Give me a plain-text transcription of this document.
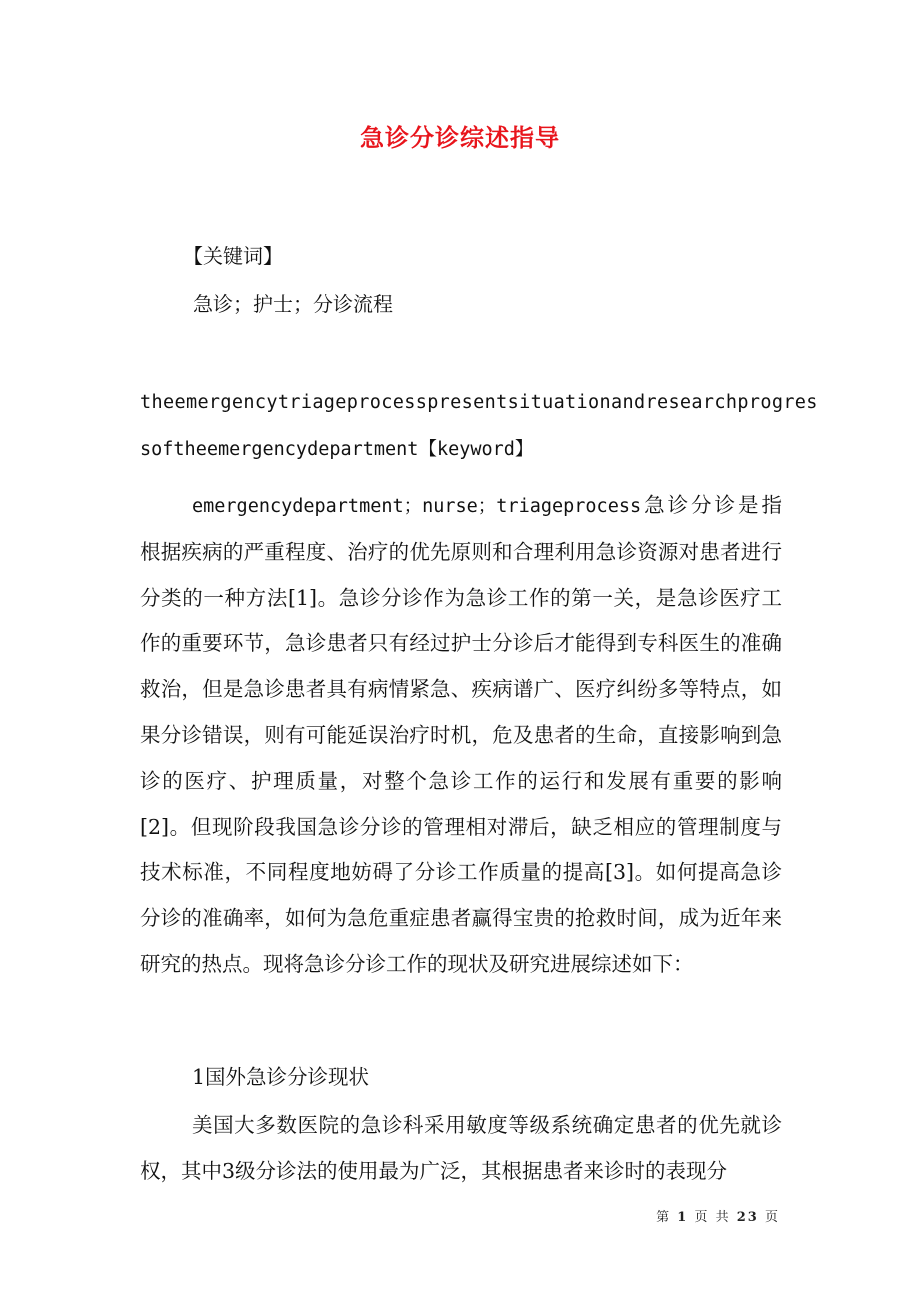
急诊分诊综述指导

【关键词】

急诊；护士；分诊流程

theemergencytriageprocesspresentsituationandresearchprogres

softheemergencydepartment【keyword】

emergencydepartment；nurse；triageprocess急诊分诊是指根据疾病的严重程度、治疗的优先原则和合理利用急诊资源对患者进行分类的一种方法[1]。急诊分诊作为急诊工作的第一关，是急诊医疗工作的重要环节，急诊患者只有经过护士分诊后才能得到专科医生的准确救治，但是急诊患者具有病情紧急、疾病谱广、医疗纠纷多等特点，如果分诊错误，则有可能延误治疗时机，危及患者的生命，直接影响到急诊的医疗、护理质量，对整个急诊工作的运行和发展有重要的影响[2]。但现阶段我国急诊分诊的管理相对滞后，缺乏相应的管理制度与技术标准，不同程度地妨碍了分诊工作质量的提高[3]。如何提高急诊分诊的准确率，如何为急危重症患者赢得宝贵的抢救时间，成为近年来研究的热点。现将急诊分诊工作的现状及研究进展综述如下：

1国外急诊分诊现状

美国大多数医院的急诊科采用敏度等级系统确定患者的优先就诊权，其中3级分诊法的使用最为广泛，其根据患者来诊时的表现分

第 1 页 共 23 页
